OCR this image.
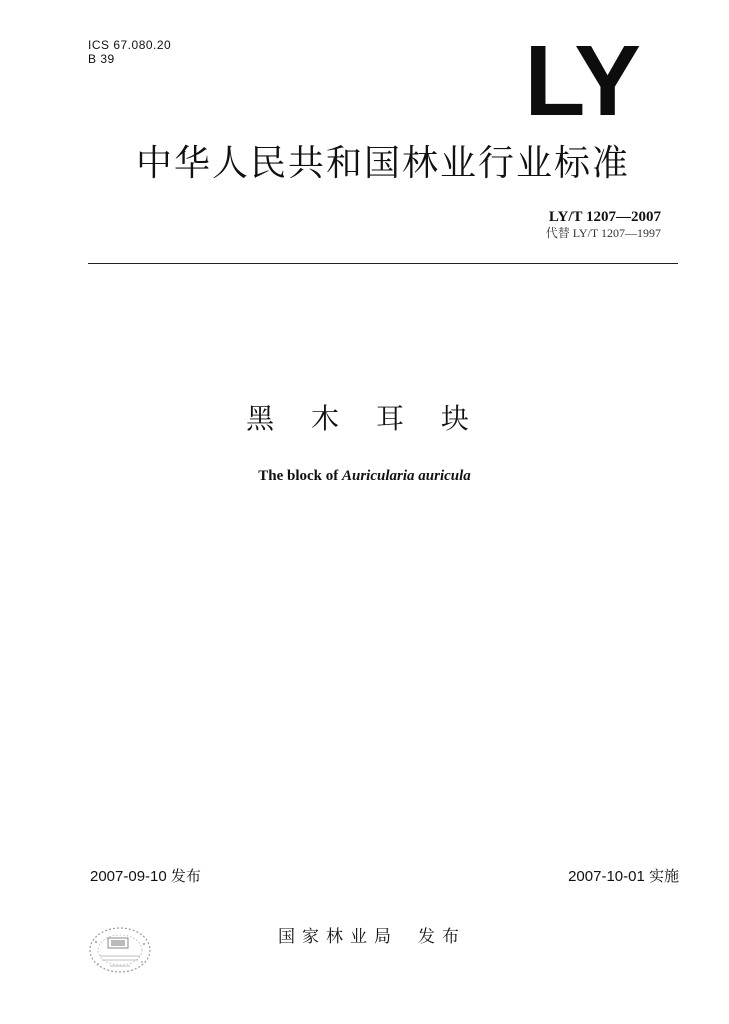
ICS 67.080.20
B 39	LY
中华人民共和国林业行业标准
LY/T 1207—2007
代替 LY/T 1207—1997
黑 木 耳 块
The block of Auricularia auricula
2007-09-10 发布	2007-10-01 实施
国家林业局 发布
